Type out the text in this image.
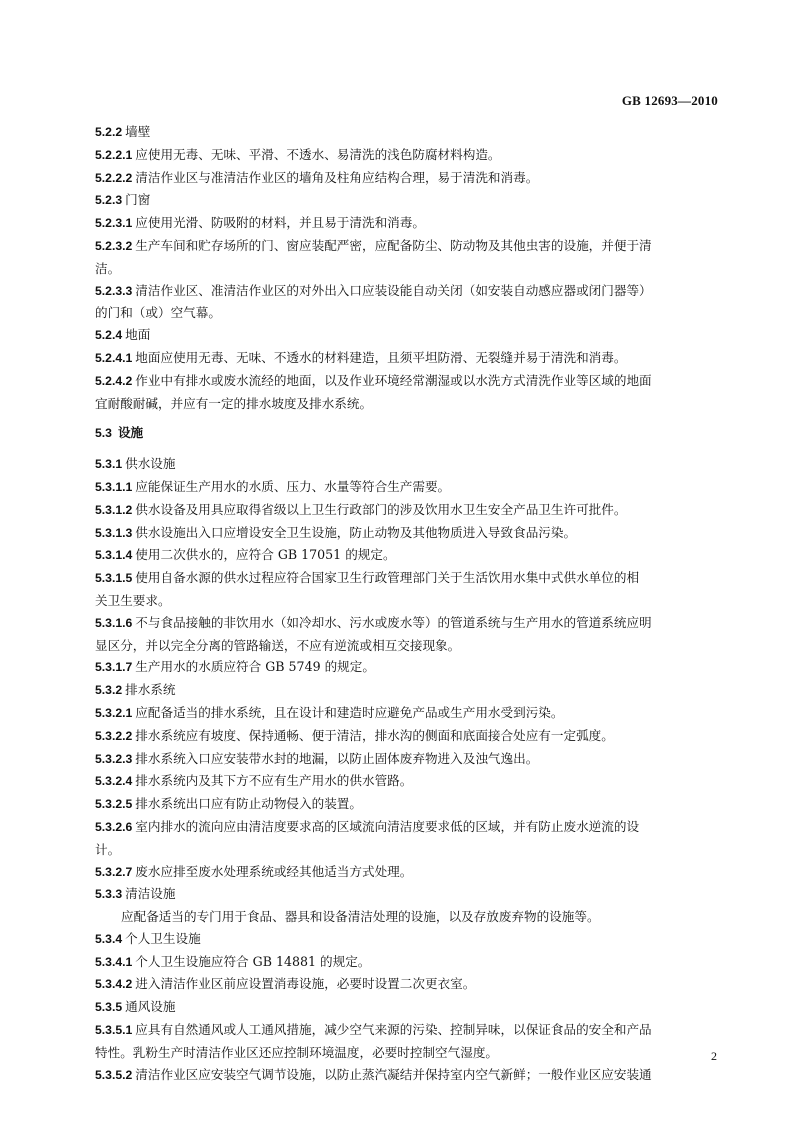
GB 12693—2010
5.2.2 墙壁
5.2.2.1 应使用无毒、无味、平滑、不透水、易清洗的浅色防腐材料构造。
5.2.2.2 清洁作业区与准清洁作业区的墙角及柱角应结构合理，易于清洗和消毒。
5.2.3 门窗
5.2.3.1 应使用光滑、防吸附的材料，并且易于清洗和消毒。
5.2.3.2 生产车间和贮存场所的门、窗应装配严密，应配备防尘、防动物及其他虫害的设施，并便于清
洁。
5.2.3.3 清洁作业区、准清洁作业区的对外出入口应装设能自动关闭（如安装自动感应器或闭门器等）
的门和（或）空气幕。
5.2.4 地面
5.2.4.1 地面应使用无毒、无味、不透水的材料建造，且须平坦防滑、无裂缝并易于清洗和消毒。
5.2.4.2 作业中有排水或废水流经的地面，以及作业环境经常潮湿或以水洗方式清洗作业等区域的地面
宜耐酸耐碱，并应有一定的排水坡度及排水系统。
5.3 设施
5.3.1 供水设施
5.3.1.1 应能保证生产用水的水质、压力、水量等符合生产需要。
5.3.1.2 供水设备及用具应取得省级以上卫生行政部门的涉及饮用水卫生安全产品卫生许可批件。
5.3.1.3 供水设施出入口应增设安全卫生设施，防止动物及其他物质进入导致食品污染。
5.3.1.4 使用二次供水的，应符合 GB 17051 的规定。
5.3.1.5 使用自备水源的供水过程应符合国家卫生行政管理部门关于生活饮用水集中式供水单位的相
关卫生要求。
5.3.1.6 不与食品接触的非饮用水（如冷却水、污水或废水等）的管道系统与生产用水的管道系统应明
显区分，并以完全分离的管路输送，不应有逆流或相互交接现象。
5.3.1.7 生产用水的水质应符合 GB 5749 的规定。
5.3.2 排水系统
5.3.2.1 应配备适当的排水系统，且在设计和建造时应避免产品或生产用水受到污染。
5.3.2.2 排水系统应有坡度、保持通畅、便于清洁，排水沟的侧面和底面接合处应有一定弧度。
5.3.2.3 排水系统入口应安装带水封的地漏，以防止固体废弃物进入及浊气逸出。
5.3.2.4 排水系统内及其下方不应有生产用水的供水管路。
5.3.2.5 排水系统出口应有防止动物侵入的装置。
5.3.2.6 室内排水的流向应由清洁度要求高的区域流向清洁度要求低的区域，并有防止废水逆流的设
计。
5.3.2.7 废水应排至废水处理系统或经其他适当方式处理。
5.3.3 清洁设施
应配备适当的专门用于食品、器具和设备清洁处理的设施，以及存放废弃物的设施等。
5.3.4 个人卫生设施
5.3.4.1 个人卫生设施应符合 GB 14881 的规定。
5.3.4.2 进入清洁作业区前应设置消毒设施，必要时设置二次更衣室。
5.3.5 通风设施
5.3.5.1 应具有自然通风或人工通风措施，减少空气来源的污染、控制异味，以保证食品的安全和产品
特性。乳粉生产时清洁作业区还应控制环境温度，必要时控制空气湿度。
5.3.5.2 清洁作业区应安装空气调节设施，以防止蒸汽凝结并保持室内空气新鲜；一般作业区应安装通
2
